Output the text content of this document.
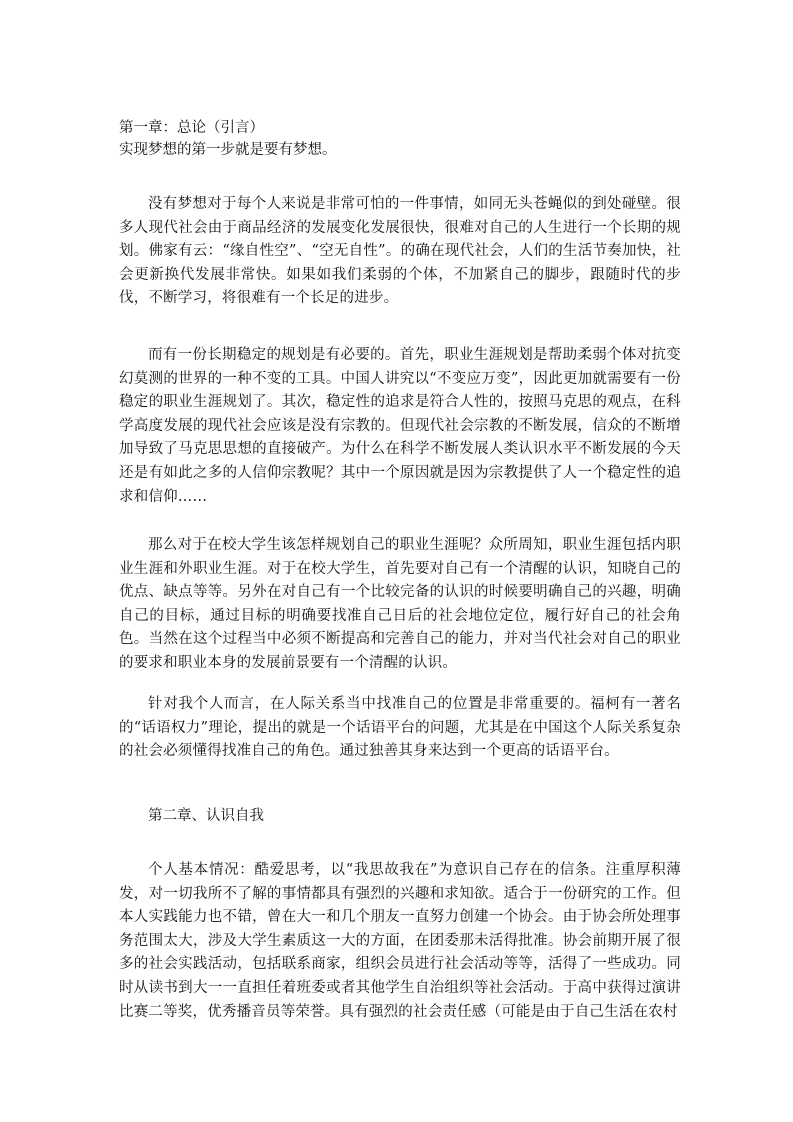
第一章：总论（引言）
实现梦想的第一步就是要有梦想。

没有梦想对于每个人来说是非常可怕的一件事情，如同无头苍蝇似的到处碰壁。很多人现代社会由于商品经济的发展变化发展很快，很难对自己的人生进行一个长期的规划。佛家有云：“缘自性空”、“空无自性”。的确在现代社会，人们的生活节奏加快，社会更新换代发展非常快。如果如我们柔弱的个体，不加紧自己的脚步，跟随时代的步伐，不断学习，将很难有一个长足的进步。

而有一份长期稳定的规划是有必要的。首先，职业生涯规划是帮助柔弱个体对抗变幻莫测的世界的一种不变的工具。中国人讲究以“不变应万变”，因此更加就需要有一份稳定的职业生涯规划了。其次，稳定性的追求是符合人性的，按照马克思的观点，在科学高度发展的现代社会应该是没有宗教的。但现代社会宗教的不断发展，信众的不断增加导致了马克思思想的直接破产。为什么在科学不断发展人类认识水平不断发展的今天还是有如此之多的人信仰宗教呢？其中一个原因就是因为宗教提供了人一个稳定性的追求和信仰……

那么对于在校大学生该怎样规划自己的职业生涯呢？众所周知，职业生涯包括内职业生涯和外职业生涯。对于在校大学生，首先要对自己有一个清醒的认识，知晓自己的优点、缺点等等。另外在对自己有一个比较完备的认识的时候要明确自己的兴趣，明确自己的目标，通过目标的明确要找准自己日后的社会地位定位，履行好自己的社会角色。当然在这个过程当中必须不断提高和完善自己的能力，并对当代社会对自己的职业的要求和职业本身的发展前景要有一个清醒的认识。

针对我个人而言，在人际关系当中找准自己的位置是非常重要的。福柯有一著名的“话语权力”理论，提出的就是一个话语平台的问题，尤其是在中国这个人际关系复杂的社会必须懂得找准自己的角色。通过独善其身来达到一个更高的话语平台。

第二章、认识自我

个人基本情况：酷爱思考，以“我思故我在”为意识自己存在的信条。注重厚积薄发，对一切我所不了解的事情都具有强烈的兴趣和求知欲。适合于一份研究的工作。但本人实践能力也不错，曾在大一和几个朋友一直努力创建一个协会。由于协会所处理事务范围太大，涉及大学生素质这一大的方面，在团委那未活得批准。协会前期开展了很多的社会实践活动，包括联系商家，组织会员进行社会活动等等，活得了一些成功。同时从读书到大一一直担任着班委或者其他学生自治组织等社会活动。于高中获得过演讲比赛二等奖，优秀播音员等荣誉。具有强烈的社会责任感（可能是由于自己生活在农村
